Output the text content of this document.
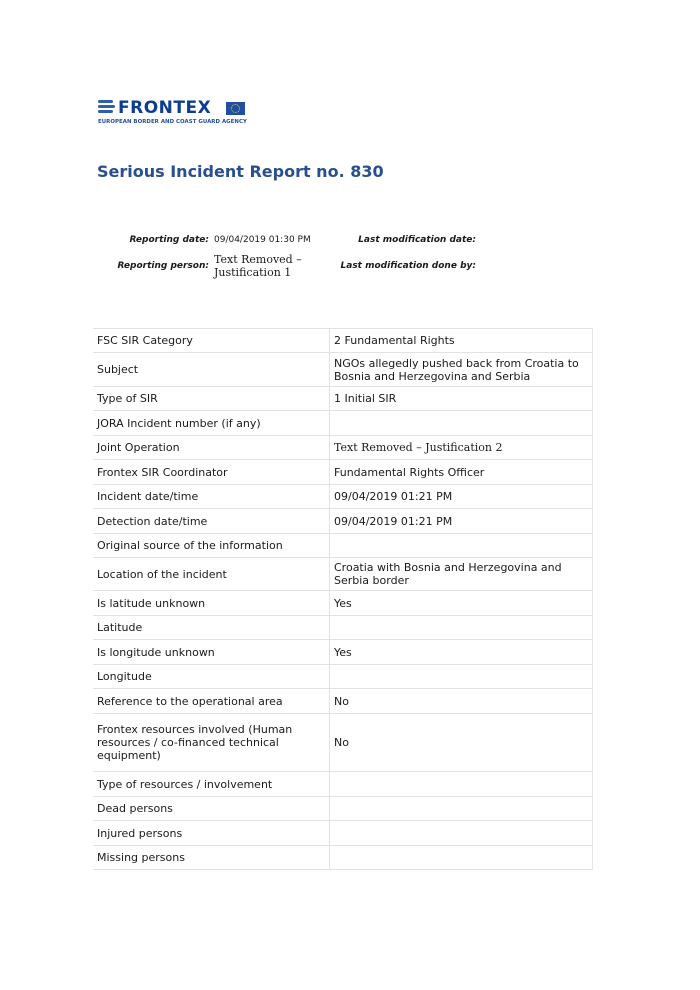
FRONTEX
EUROPEAN BORDER AND COAST GUARD AGENCY
Serious Incident Report no. 830
Reporting date: 09/04/2019 01:30 PM	Last modification date:
Reporting person: Text Removed –
Justification 1	Last modification done by:
FSC SIR Category	2 Fundamental Rights
Subject	NGOs allegedly pushed back from Croatia to Bosnia and Herzegovina and Serbia
Type of SIR	1 Initial SIR
JORA Incident number (if any)	
Joint Operation	Text Removed – Justification 2
Frontex SIR Coordinator	Fundamental Rights Officer
Incident date/time	09/04/2019 01:21 PM
Detection date/time	09/04/2019 01:21 PM
Original source of the information	
Location of the incident	Croatia with Bosnia and Herzegovina and Serbia border
Is latitude unknown	Yes
Latitude	
Is longitude unknown	Yes
Longitude	
Reference to the operational area	No
Frontex resources involved (Human resources / co-financed technical equipment)	No
Type of resources / involvement	
Dead persons	
Injured persons	
Missing persons	
